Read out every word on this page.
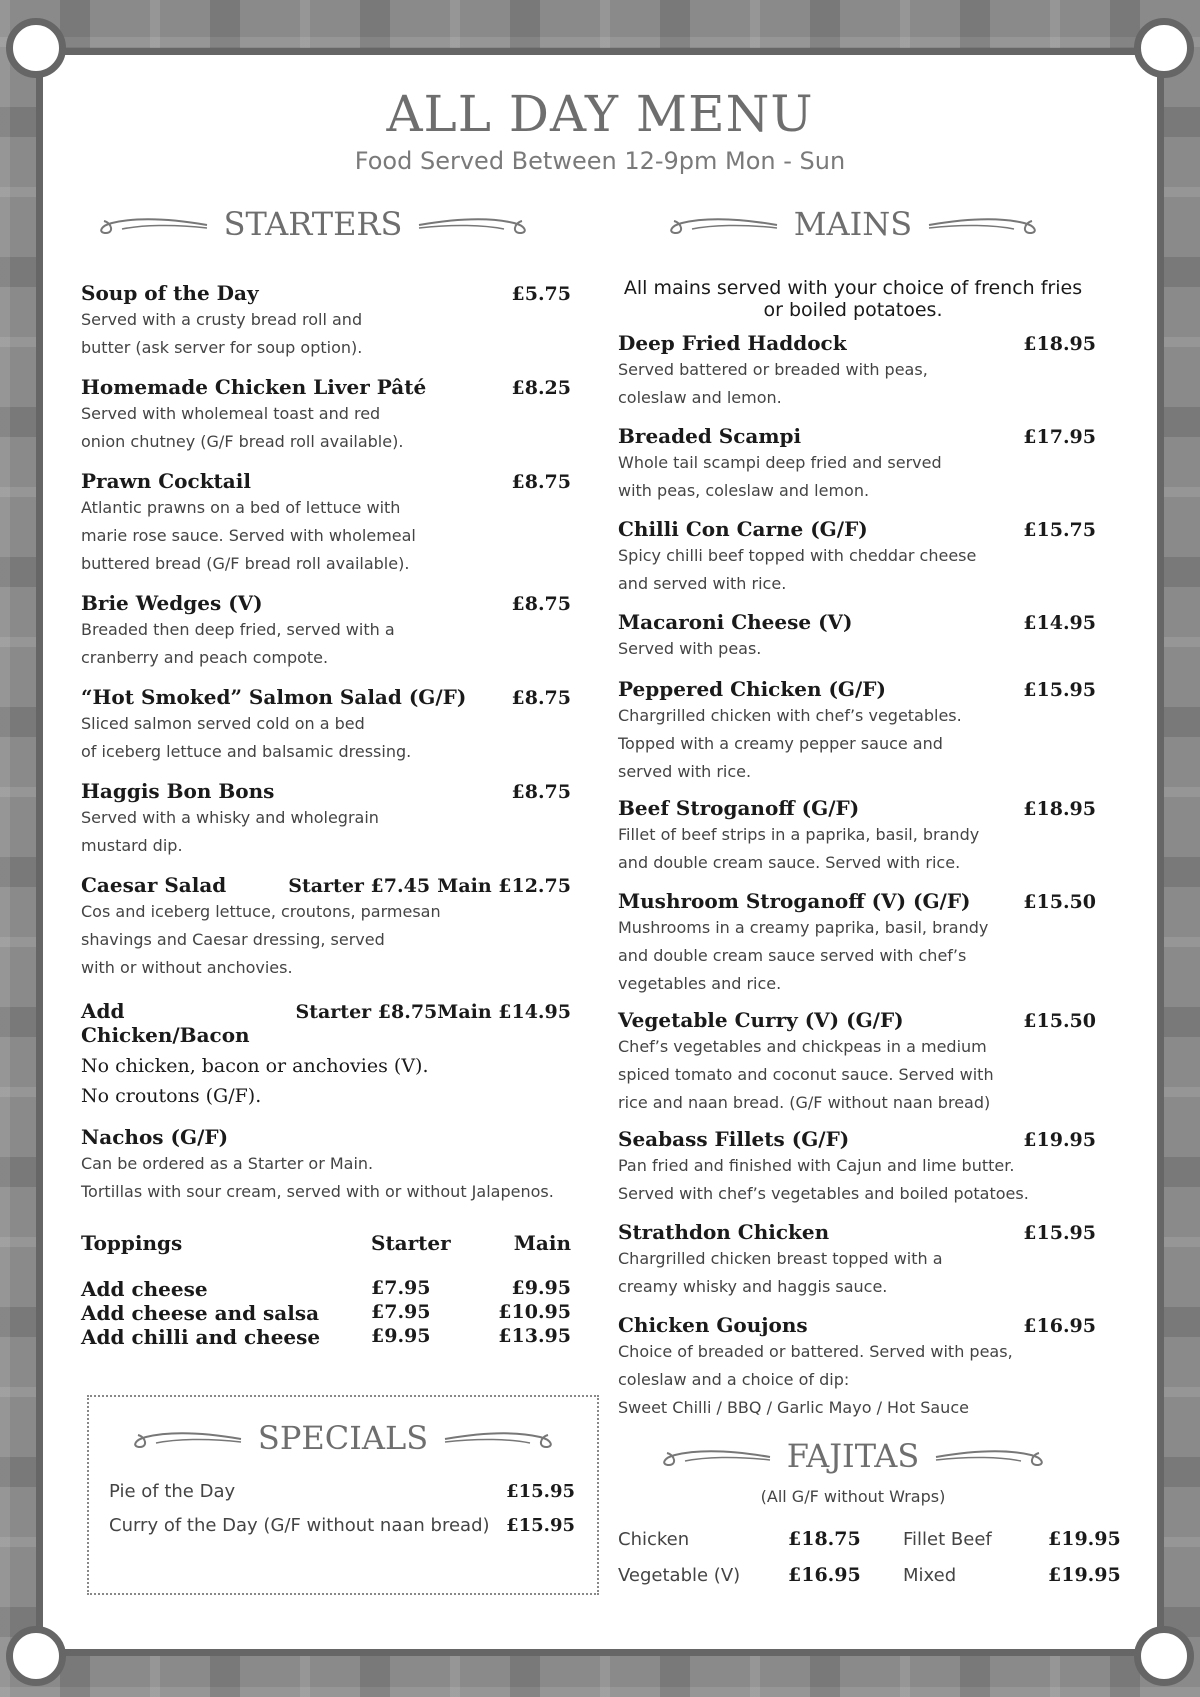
ALL DAY MENU
Food Served Between 12-9pm Mon - Sun
STARTERS
Soup of the Day	£5.75
Served with a crusty bread roll and
butter (ask server for soup option).
Homemade Chicken Liver Pâté	£8.25
Served with wholemeal toast and red
onion chutney (G/F bread roll available).
Prawn Cocktail	£8.75
Atlantic prawns on a bed of lettuce with
marie rose sauce. Served with wholemeal
buttered bread (G/F bread roll available).
Brie Wedges (V)	£8.75
Breaded then deep fried, served with a
cranberry and peach compote.
“Hot Smoked” Salmon Salad (G/F) £8.75
Sliced salmon served cold on a bed
of iceberg lettuce and balsamic dressing.
Haggis Bon Bons	£8.75
Served with a whisky and wholegrain
mustard dip.
Caesar Salad	Starter £7.45 Main £12.75
Cos and iceberg lettuce, croutons, parmesan
shavings and Caesar dressing, served
with or without anchovies.
Add Chicken/Bacon
Starter £8.75 Main £14.95
No chicken, bacon or anchovies (V).
No croutons (G/F).
Nachos (G/F)
Can be ordered as a Starter or Main.
Tortillas with sour cream, served with or without Jalapenos.
Toppings	Starter	Main
Add cheese	£7.95	£9.95
Add cheese and salsa	£7.95	£10.95
Add chilli and cheese	£9.95	£13.95
SPECIALS
Pie of the Day	£15.95
Curry of the Day (G/F without naan bread) £15.95
MAINS
All mains served with your choice of french fries
or boiled potatoes.
Deep Fried Haddock	£18.95
Served battered or breaded with peas,
coleslaw and lemon.
Breaded Scampi	£17.95
Whole tail scampi deep fried and served
with peas, coleslaw and lemon.
Chilli Con Carne (G/F)	£15.75
Spicy chilli beef topped with cheddar cheese
and served with rice.
Macaroni Cheese (V)	£14.95
Served with peas.
Peppered Chicken (G/F)	£15.95
Chargrilled chicken with chef’s vegetables.
Topped with a creamy pepper sauce and
served with rice.
Beef Stroganoff (G/F)	£18.95
Fillet of beef strips in a paprika, basil, brandy
and double cream sauce. Served with rice.
Mushroom Stroganoff (V) (G/F)	£15.50
Mushrooms in a creamy paprika, basil, brandy
and double cream sauce served with chef’s
vegetables and rice.
Vegetable Curry (V) (G/F)	£15.50
Chef’s vegetables and chickpeas in a medium
spiced tomato and coconut sauce. Served with
rice and naan bread. (G/F without naan bread)
Seabass Fillets (G/F)	£19.95
Pan fried and finished with Cajun and lime butter.
Served with chef’s vegetables and boiled potatoes.
Strathdon Chicken	£15.95
Chargrilled chicken breast topped with a
creamy whisky and haggis sauce.
Chicken Goujons	£16.95
Choice of breaded or battered. Served with peas,
coleslaw and a choice of dip:
Sweet Chilli / BBQ / Garlic Mayo / Hot Sauce
FAJITAS
(All G/F without Wraps)
Chicken	£18.75	Fillet Beef	£19.95
Vegetable (V)	£16.95	Mixed	£19.95
